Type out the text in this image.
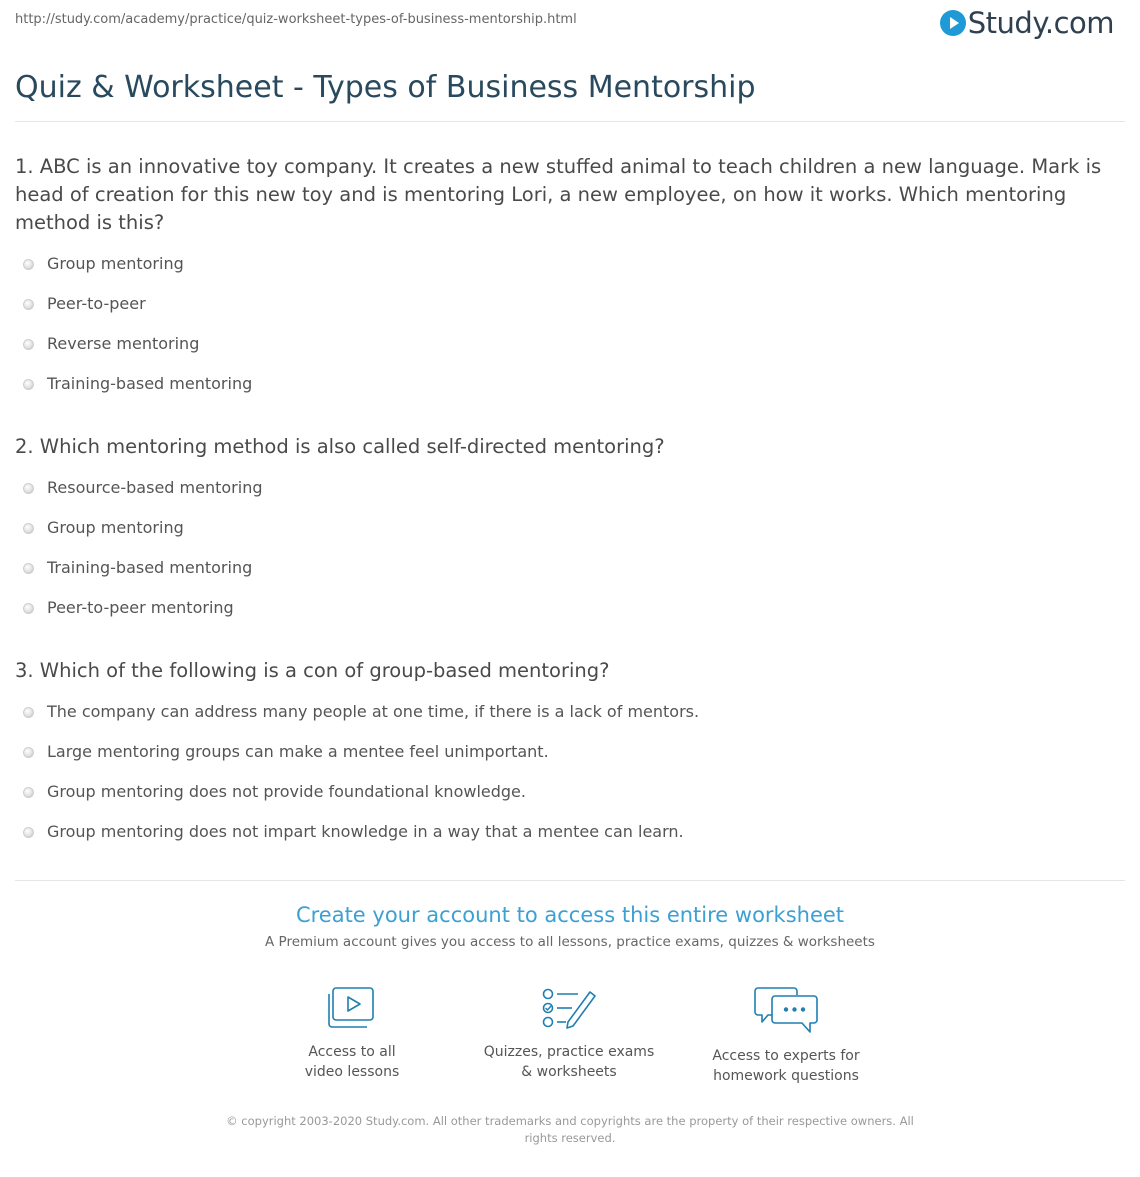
http://study.com/academy/practice/quiz-worksheet-types-of-business-mentorship.html	Study.com
Quiz & Worksheet - Types of Business Mentorship
1. ABC is an innovative toy company. It creates a new stuffed animal to teach children a new language. Mark is head of creation for this new toy and is mentoring Lori, a new employee, on how it works. Which mentoring method is this?
Group mentoring
Peer-to-peer
Reverse mentoring
Training-based mentoring
2. Which mentoring method is also called self-directed mentoring?
Resource-based mentoring
Group mentoring
Training-based mentoring
Peer-to-peer mentoring
3. Which of the following is a con of group-based mentoring?
The company can address many people at one time, if there is a lack of mentors.
Large mentoring groups can make a mentee feel unimportant.
Group mentoring does not provide foundational knowledge.
Group mentoring does not impart knowledge in a way that a mentee can learn.
Create your account to access this entire worksheet
A Premium account gives you access to all lessons, practice exams, quizzes & worksheets
Access to all
video lessons
Quizzes, practice exams
& worksheets
Access to experts for
homework questions
© copyright 2003-2020 Study.com. All other trademarks and copyrights are the property of their respective owners. All rights reserved.
